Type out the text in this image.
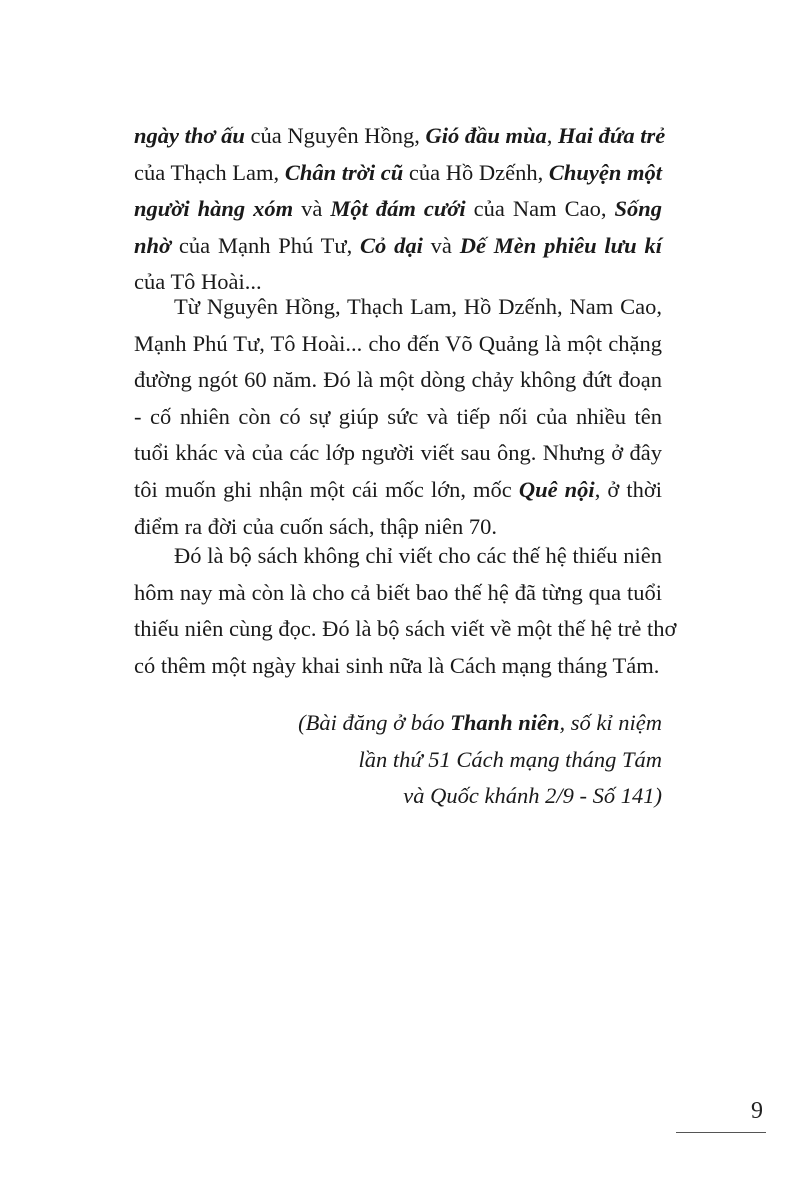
ngày thơ ấu của Nguyên Hồng, Gió đầu mùa, Hai đứa trẻ
của Thạch Lam, Chân trời cũ của Hồ Dzếnh, Chuyện một
người hàng xóm và Một đám cưới của Nam Cao, Sống
nhờ của Mạnh Phú Tư, Cỏ dại và Dế Mèn phiêu lưu kí
của Tô Hoài...
Từ Nguyên Hồng, Thạch Lam, Hồ Dzếnh, Nam Cao,
Mạnh Phú Tư, Tô Hoài... cho đến Võ Quảng là một chặng
đường ngót 60 năm. Đó là một dòng chảy không đứt đoạn
- cố nhiên còn có sự giúp sức và tiếp nối của nhiều tên
tuổi khác và của các lớp người viết sau ông. Nhưng ở đây
tôi muốn ghi nhận một cái mốc lớn, mốc Quê nội, ở thời
điểm ra đời của cuốn sách, thập niên 70.
Đó là bộ sách không chỉ viết cho các thế hệ thiếu niên
hôm nay mà còn là cho cả biết bao thế hệ đã từng qua tuổi
thiếu niên cùng đọc. Đó là bộ sách viết về một thế hệ trẻ thơ
có thêm một ngày khai sinh nữa là Cách mạng tháng Tám.
(Bài đăng ở báo Thanh niên, số kỉ niệm
lần thứ 51 Cách mạng tháng Tám
và Quốc khánh 2/9 - Số 141)
9
